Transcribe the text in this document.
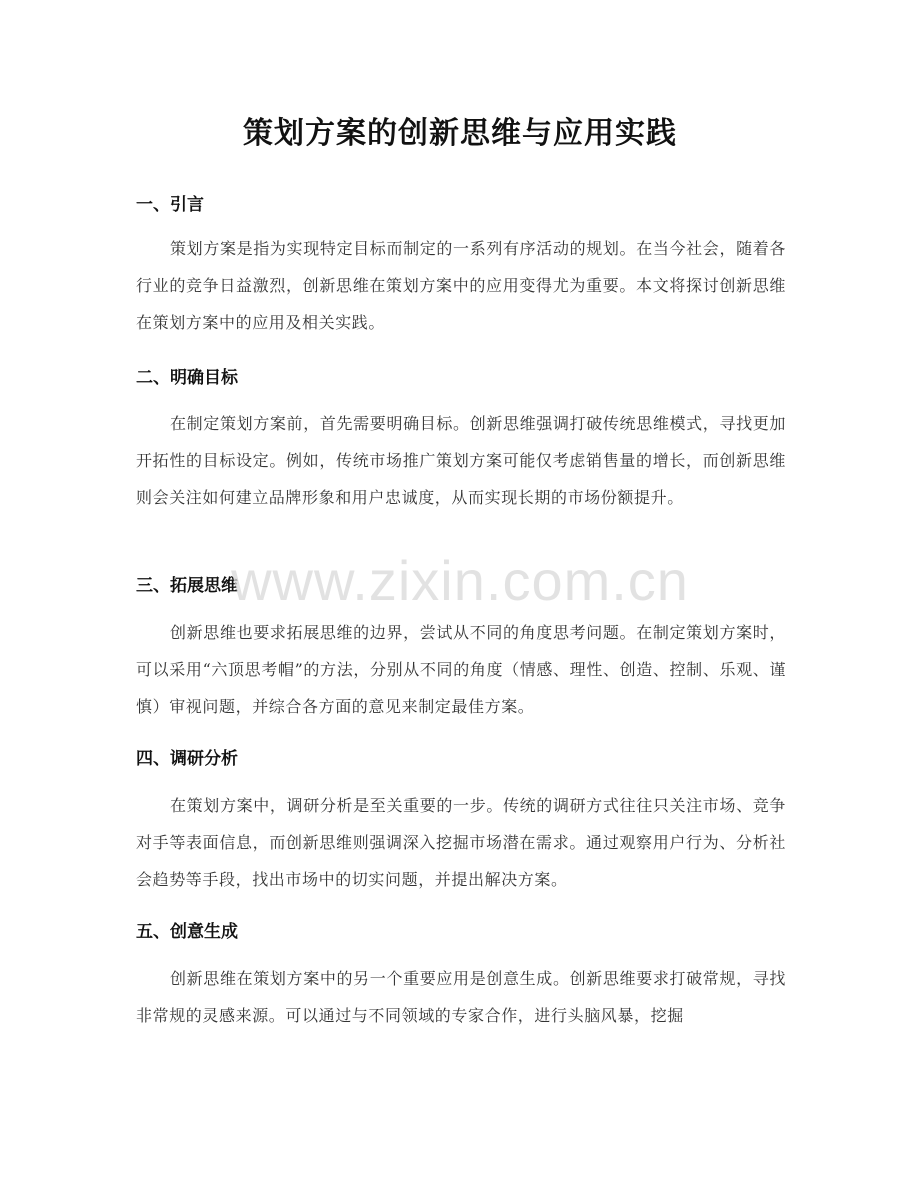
策划方案的创新思维与应用实践
一、引言

策划方案是指为实现特定目标而制定的一系列有序活动的规划。在当今社会，随着各行业的竞争日益激烈，创新思维在策划方案中的应用变得尤为重要。本文将探讨创新思维在策划方案中的应用及相关实践。

二、明确目标

在制定策划方案前，首先需要明确目标。创新思维强调打破传统思维模式，寻找更加开拓性的目标设定。例如，传统市场推广策划方案可能仅考虑销售量的增长，而创新思维则会关注如何建立品牌形象和用户忠诚度，从而实现长期的市场份额提升。

三、拓展思维

创新思维也要求拓展思维的边界，尝试从不同的角度思考问题。在制定策划方案时，可以采用“六顶思考帽”的方法，分别从不同的角度（情感、理性、创造、控制、乐观、谨慎）审视问题，并综合各方面的意见来制定最佳方案。

四、调研分析

在策划方案中，调研分析是至关重要的一步。传统的调研方式往往只关注市场、竞争对手等表面信息，而创新思维则强调深入挖掘市场潜在需求。通过观察用户行为、分析社会趋势等手段，找出市场中的切实问题，并提出解决方案。

五、创意生成

创新思维在策划方案中的另一个重要应用是创意生成。创新思维要求打破常规，寻找非常规的灵感来源。可以通过与不同领域的专家合作，进行头脑风暴，挖掘

www.zixin.com.cn
